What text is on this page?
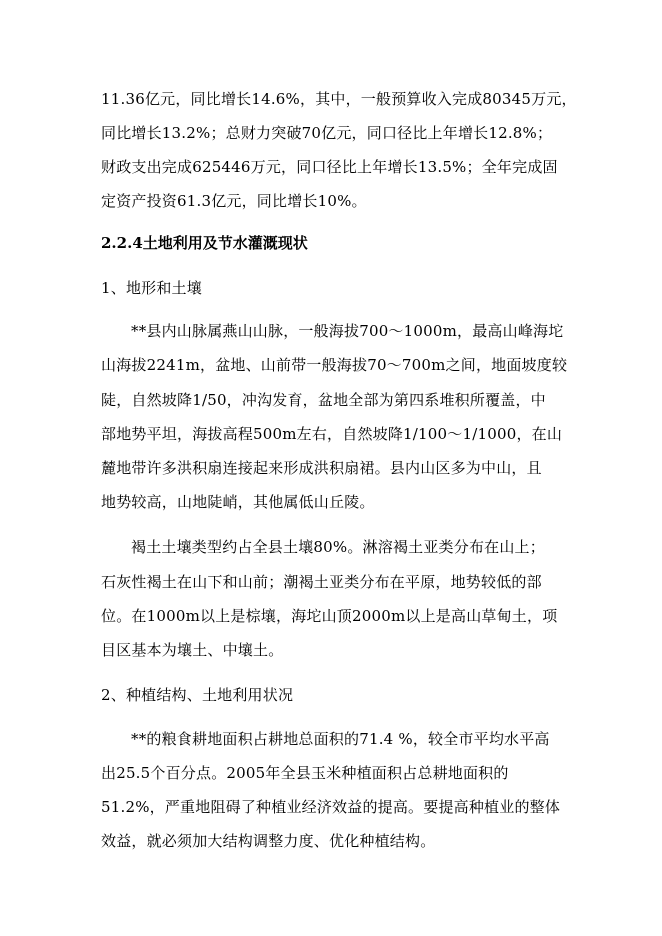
11.36亿元，同比增长14.6%，其中，一般预算收入完成80345万元，
同比增长13.2%；总财力突破70亿元，同口径比上年增长12.8%；
财政支出完成625446万元，同口径比上年增长13.5%；全年完成固
定资产投资61.3亿元，同比增长10%。
2.2.4土地利用及节水灌溉现状
1、地形和土壤
**县内山脉属燕山山脉，一般海拔700～1000m，最高山峰海坨
山海拔2241m，盆地、山前带一般海拔70～700m之间，地面坡度较
陡，自然坡降1/50，冲沟发育，盆地全部为第四系堆积所覆盖，中
部地势平坦，海拔高程500m左右，自然坡降1/100～1/1000，在山
麓地带许多洪积扇连接起来形成洪积扇裙。县内山区多为中山，且
地势较高，山地陡峭，其他属低山丘陵。
褐土土壤类型约占全县土壤80%。淋溶褐土亚类分布在山上；
石灰性褐土在山下和山前；潮褐土亚类分布在平原，地势较低的部
位。在1000m以上是棕壤，海坨山顶2000m以上是高山草甸土，项
目区基本为壤土、中壤土。
2、种植结构、土地利用状况
**的粮食耕地面积占耕地总面积的71.4 %，较全市平均水平高
出25.5个百分点。2005年全县玉米种植面积占总耕地面积的
51.2%，严重地阻碍了种植业经济效益的提高。要提高种植业的整体
效益，就必须加大结构调整力度、优化种植结构。
